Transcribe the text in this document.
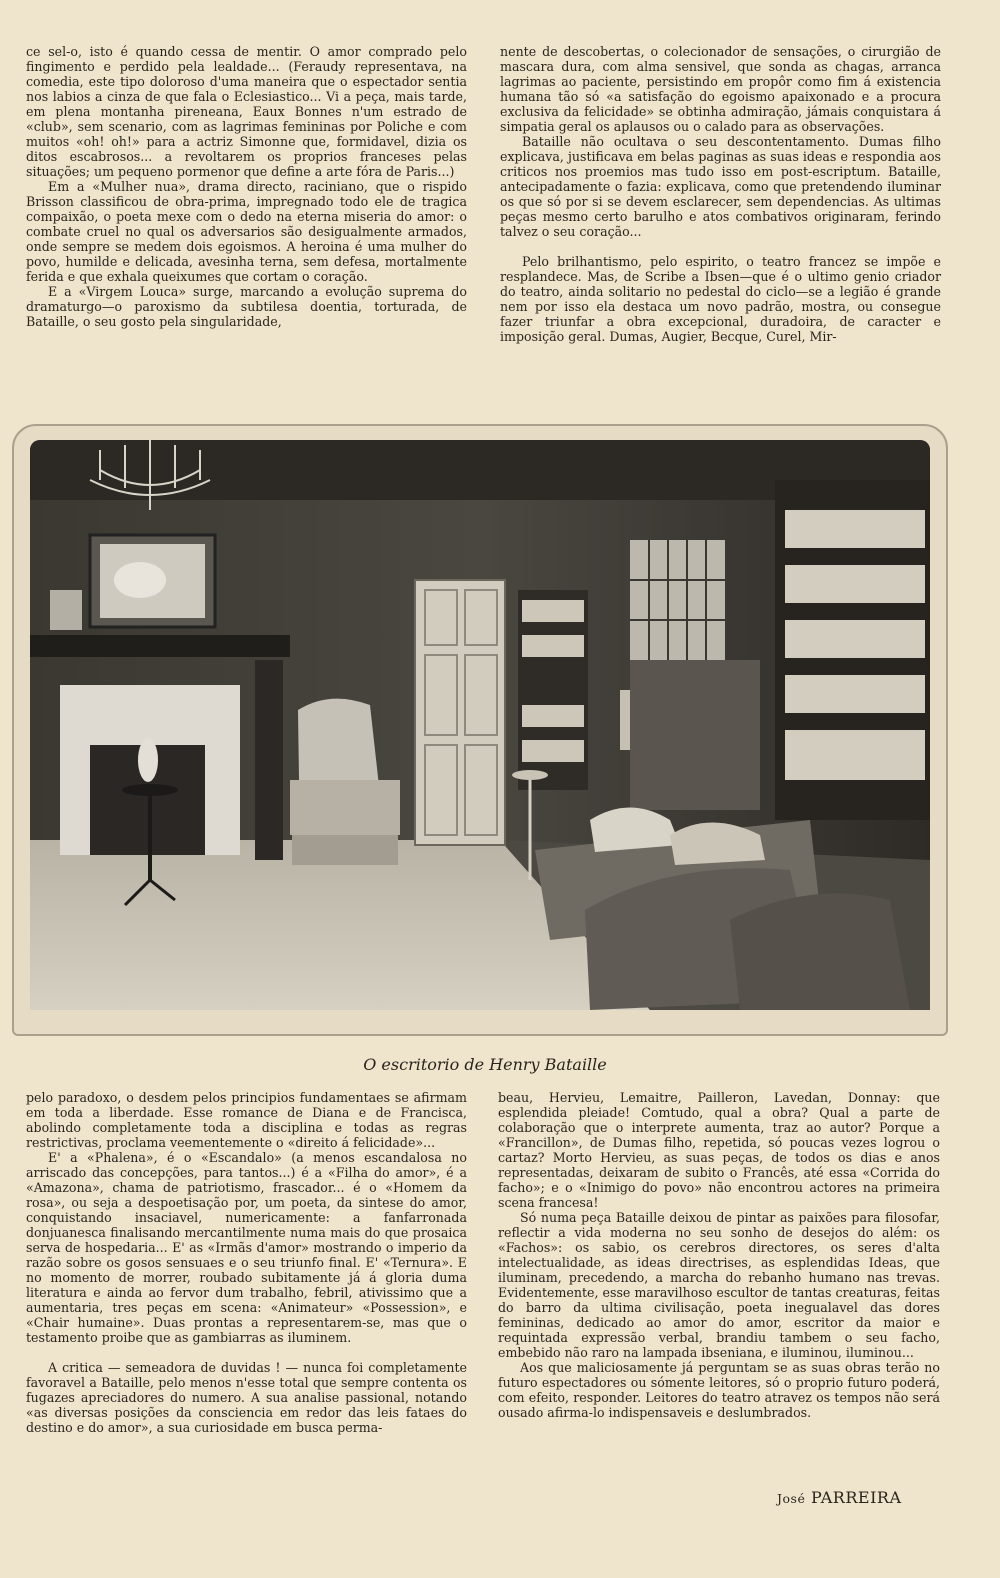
ce sel-o, isto é quando cessa de mentir. O amor comprado pelo fingimento e perdido pela lealdade... (Feraudy representava, na comedia, este tipo doloroso d'uma maneira que o espectador sentia nos labios a cinza de que fala o Eclesiastico... Vi a peça, mais tarde, em plena montanha pireneana, Eaux Bonnes n'um estrado de «club», sem scenario, com as lagrimas femininas por Poliche e com muitos «oh! oh!» para a actriz Simonne que, formidavel, dizia os ditos escabrosos... a revoltarem os proprios franceses pelas situações; um pequeno pormenor que define a arte fóra de Paris...)

Em a «Mulher nua», drama directo, raciniano, que o rispido Brisson classificou de obra-prima, impregnado todo ele de tragica compaixão, o poeta mexe com o dedo na eterna miseria do amor: o combate cruel no qual os adversarios são desigualmente armados, onde sempre se medem dois egoismos. A heroina é uma mulher do povo, humilde e delicada, avesinha terna, sem defesa, mortalmente ferida e que exhala queixumes que cortam o coração.

E a «Virgem Louca» surge, marcando a evolução suprema do dramaturgo—o paroxismo da subtilesa doentia, torturada, de Bataille, o seu gosto pela singularidade,

nente de descobertas, o colecionador de sensações, o cirurgião de mascara dura, com alma sensivel, que sonda as chagas, arranca lagrimas ao paciente, persistindo em propôr como fim á existencia humana tão só «a satisfação do egoismo apaixonado e a procura exclusiva da felicidade» se obtinha admiração, jámais conquistara á simpatia geral os aplausos ou o calado para as observações.

Bataille não ocultava o seu descontentamento. Dumas filho explicava, justificava em belas paginas as suas ideas e respondia aos criticos nos proemios mas tudo isso em post-escriptum. Bataille, antecipadamente o fazia: explicava, como que pretendendo iluminar os que só por si se devem esclarecer, sem dependencias. As ultimas peças mesmo certo barulho e atos combativos originaram, ferindo talvez o seu coração...

Pelo brilhantismo, pelo espirito, o teatro francez se impõe e resplandece. Mas, de Scribe a Ibsen—que é o ultimo genio criador do teatro, ainda solitario no pedestal do ciclo—se a legião é grande nem por isso ela destaca um novo padrão, mostra, ou consegue fazer triunfar a obra excepcional, duradoira, de caracter e imposição geral. Dumas, Augier, Becque, Curel, Mir-

O escritorio de Henry Bataille

pelo paradoxo, o desdem pelos principios fundamentaes se afirmam em toda a liberdade. Esse romance de Diana e de Francisca, abolindo completamente toda a disciplina e todas as regras restrictivas, proclama veementemente o «direito á felicidade»...

E' a «Phalena», é o «Escandalo» (a menos escandalosa no arriscado das concepções, para tantos...) é a «Filha do amor», é a «Amazona», chama de patriotismo, frascador... é o «Homem da rosa», ou seja a despoetisação por, um poeta, da sintese do amor, conquistando insaciavel, numericamente: a fanfarronada donjuanesca finalisando mercantilmente numa mais do que prosaica serva de hospedaria... E' as «Irmãs d'amor» mostrando o imperio da razão sobre os gosos sensuaes e o seu triunfo final. E' «Ternura». E no momento de morrer, roubado subitamente já á gloria duma literatura e ainda ao fervor dum trabalho, febril, ativissimo que a aumentaria, tres peças em scena: «Animateur» «Possession», e «Chair humaine». Duas prontas a representarem-se, mas que o testamento proibe que as gambiarras as iluminem.

A critica — semeadora de duvidas ! — nunca foi completamente favoravel a Bataille, pelo menos n'esse total que sempre contenta os fugazes apreciadores do numero. A sua analise passional, notando «as diversas posições da consciencia em redor das leis fataes do destino e do amor», a sua curiosidade em busca perma-

beau, Hervieu, Lemaitre, Pailleron, Lavedan, Donnay: que esplendida pleiade! Comtudo, qual a obra? Qual a parte de colaboração que o interprete aumenta, traz ao autor? Porque a «Francillon», de Dumas filho, repetida, só poucas vezes logrou o cartaz? Morto Hervieu, as suas peças, de todos os dias e anos representadas, deixaram de subito o Francês, até essa «Corrida do facho»; e o «Inimigo do povo» não encontrou actores na primeira scena francesa!

Só numa peça Bataille deixou de pintar as paixões para filosofar, reflectir a vida moderna no seu sonho de desejos do além: os «Fachos»: os sabio, os cerebros directores, os seres d'alta intelectualidade, as ideas directrises, as esplendidas Ideas, que iluminam, precedendo, a marcha do rebanho humano nas trevas. Evidentemente, esse maravilhoso escultor de tantas creaturas, feitas do barro da ultima civilisação, poeta inegualavel das dores femininas, dedicado ao amor do amor, escritor da maior e requintada expressão verbal, brandiu tambem o seu facho, embebido não raro na lampada ibseniana, e iluminou, iluminou...

Aos que maliciosamente já perguntam se as suas obras terão no futuro espectadores ou sómente leitores, só o proprio futuro poderá, com efeito, responder. Leitores do teatro atravez os tempos não será ousado afirma-lo indispensaveis e deslumbrados.

José PARREIRA
